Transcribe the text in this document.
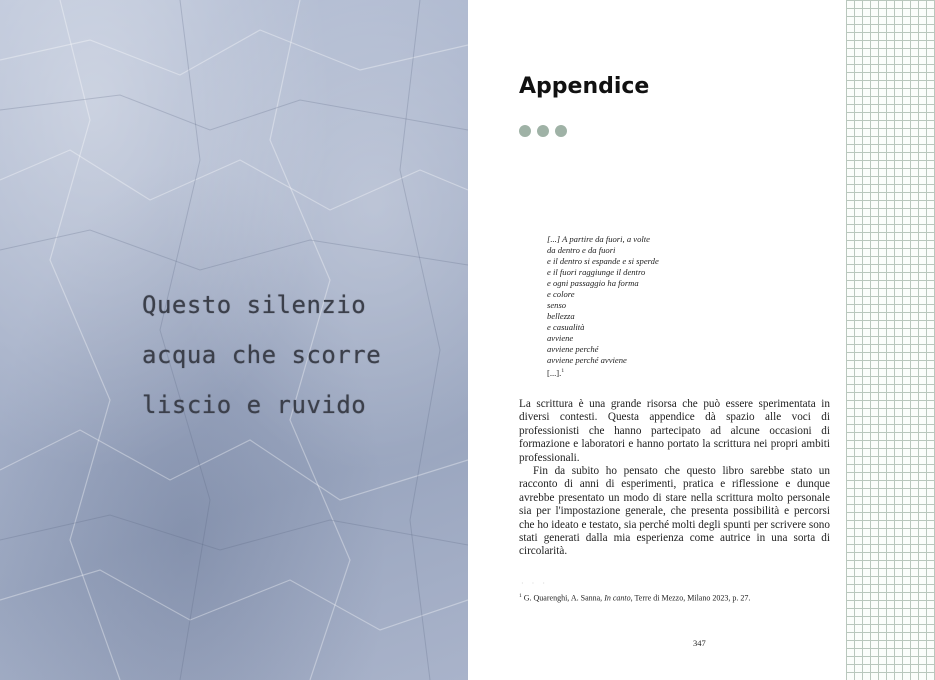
Questo silenzio
acqua che scorre
liscio e ruvido
Appendice
[...] A partire da fuori, a volte
da dentro e da fuori
e il dentro si espande e si sperde
e il fuori raggiunge il dentro
e ogni passaggio ha forma
e colore
senso
bellezza
e casualità
avviene
avviene perché
avviene perché avviene
[...].$^1$

La scrittura è una grande risorsa che può essere sperimentata in diversi contesti. Questa appendice dà spazio alle voci di professionisti che hanno partecipato ad alcune occasioni di formazione e laboratori e hanno portato la scrittura nei propri ambiti professionali.

Fin da subito ho pensato che questo libro sarebbe stato un racconto di anni di esperimenti, pratica e riflessione e dunque avrebbe presentato un modo di stare nella scrittura molto personale sia per l'impostazione generale, che presenta possibilità e percorsi che ho ideato e testato, sia perché molti degli spunti per scrivere sono stati generati dalla mia esperienza come autrice in una sorta di circolarità.

· · ·
$^1$ G. Quarenghi, A. Sanna, In canto, Terre di Mezzo, Milano 2023, p. 27.
347
